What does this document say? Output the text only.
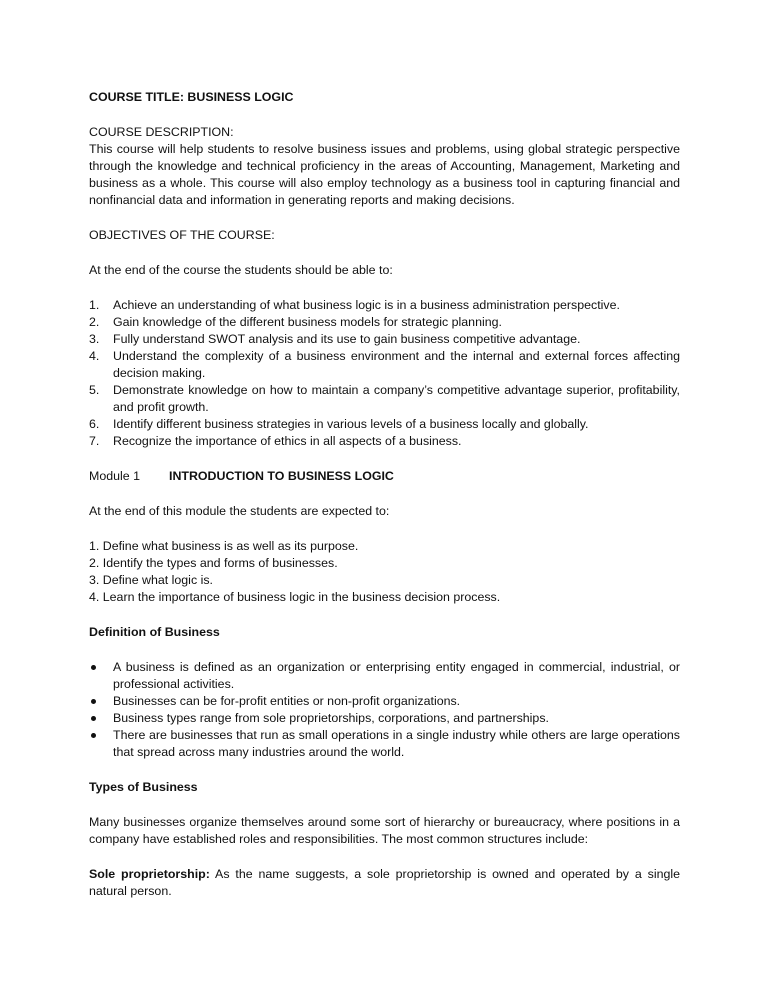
COURSE TITLE: BUSINESS LOGIC

COURSE DESCRIPTION:

This course will help students to resolve business issues and problems, using global strategic perspective through the knowledge and technical proficiency in the areas of Accounting, Management, Marketing and business as a whole. This course will also employ technology as a business tool in capturing financial and nonfinancial data and information in generating reports and making decisions.

OBJECTIVES OF THE COURSE:

At the end of the course the students should be able to:

1. Achieve an understanding of what business logic is in a business administration perspective.
2. Gain knowledge of the different business models for strategic planning.
3. Fully understand SWOT analysis and its use to gain business competitive advantage.
4. Understand the complexity of a business environment and the internal and external forces affecting decision making.
5. Demonstrate knowledge on how to maintain a company’s competitive advantage superior, profitability, and profit growth.
6. Identify different business strategies in various levels of a business locally and globally.
7. Recognize the importance of ethics in all aspects of a business.
Module 1	INTRODUCTION TO BUSINESS LOGIC

At the end of this module the students are expected to:

1. Define what business is as well as its purpose.

2. Identify the types and forms of businesses.

3. Define what logic is.

4. Learn the importance of business logic in the business decision process.

Definition of Business

A business is defined as an organization or enterprising entity engaged in commercial, industrial, or professional activities.
Businesses can be for-profit entities or non-profit organizations.
Business types range from sole proprietorships, corporations, and partnerships.
There are businesses that run as small operations in a single industry while others are large operations that spread across many industries around the world.

Types of Business

Many businesses organize themselves around some sort of hierarchy or bureaucracy, where positions in a company have established roles and responsibilities. The most common structures include:

Sole proprietorship: As the name suggests, a sole proprietorship is owned and operated by a single natural person.
